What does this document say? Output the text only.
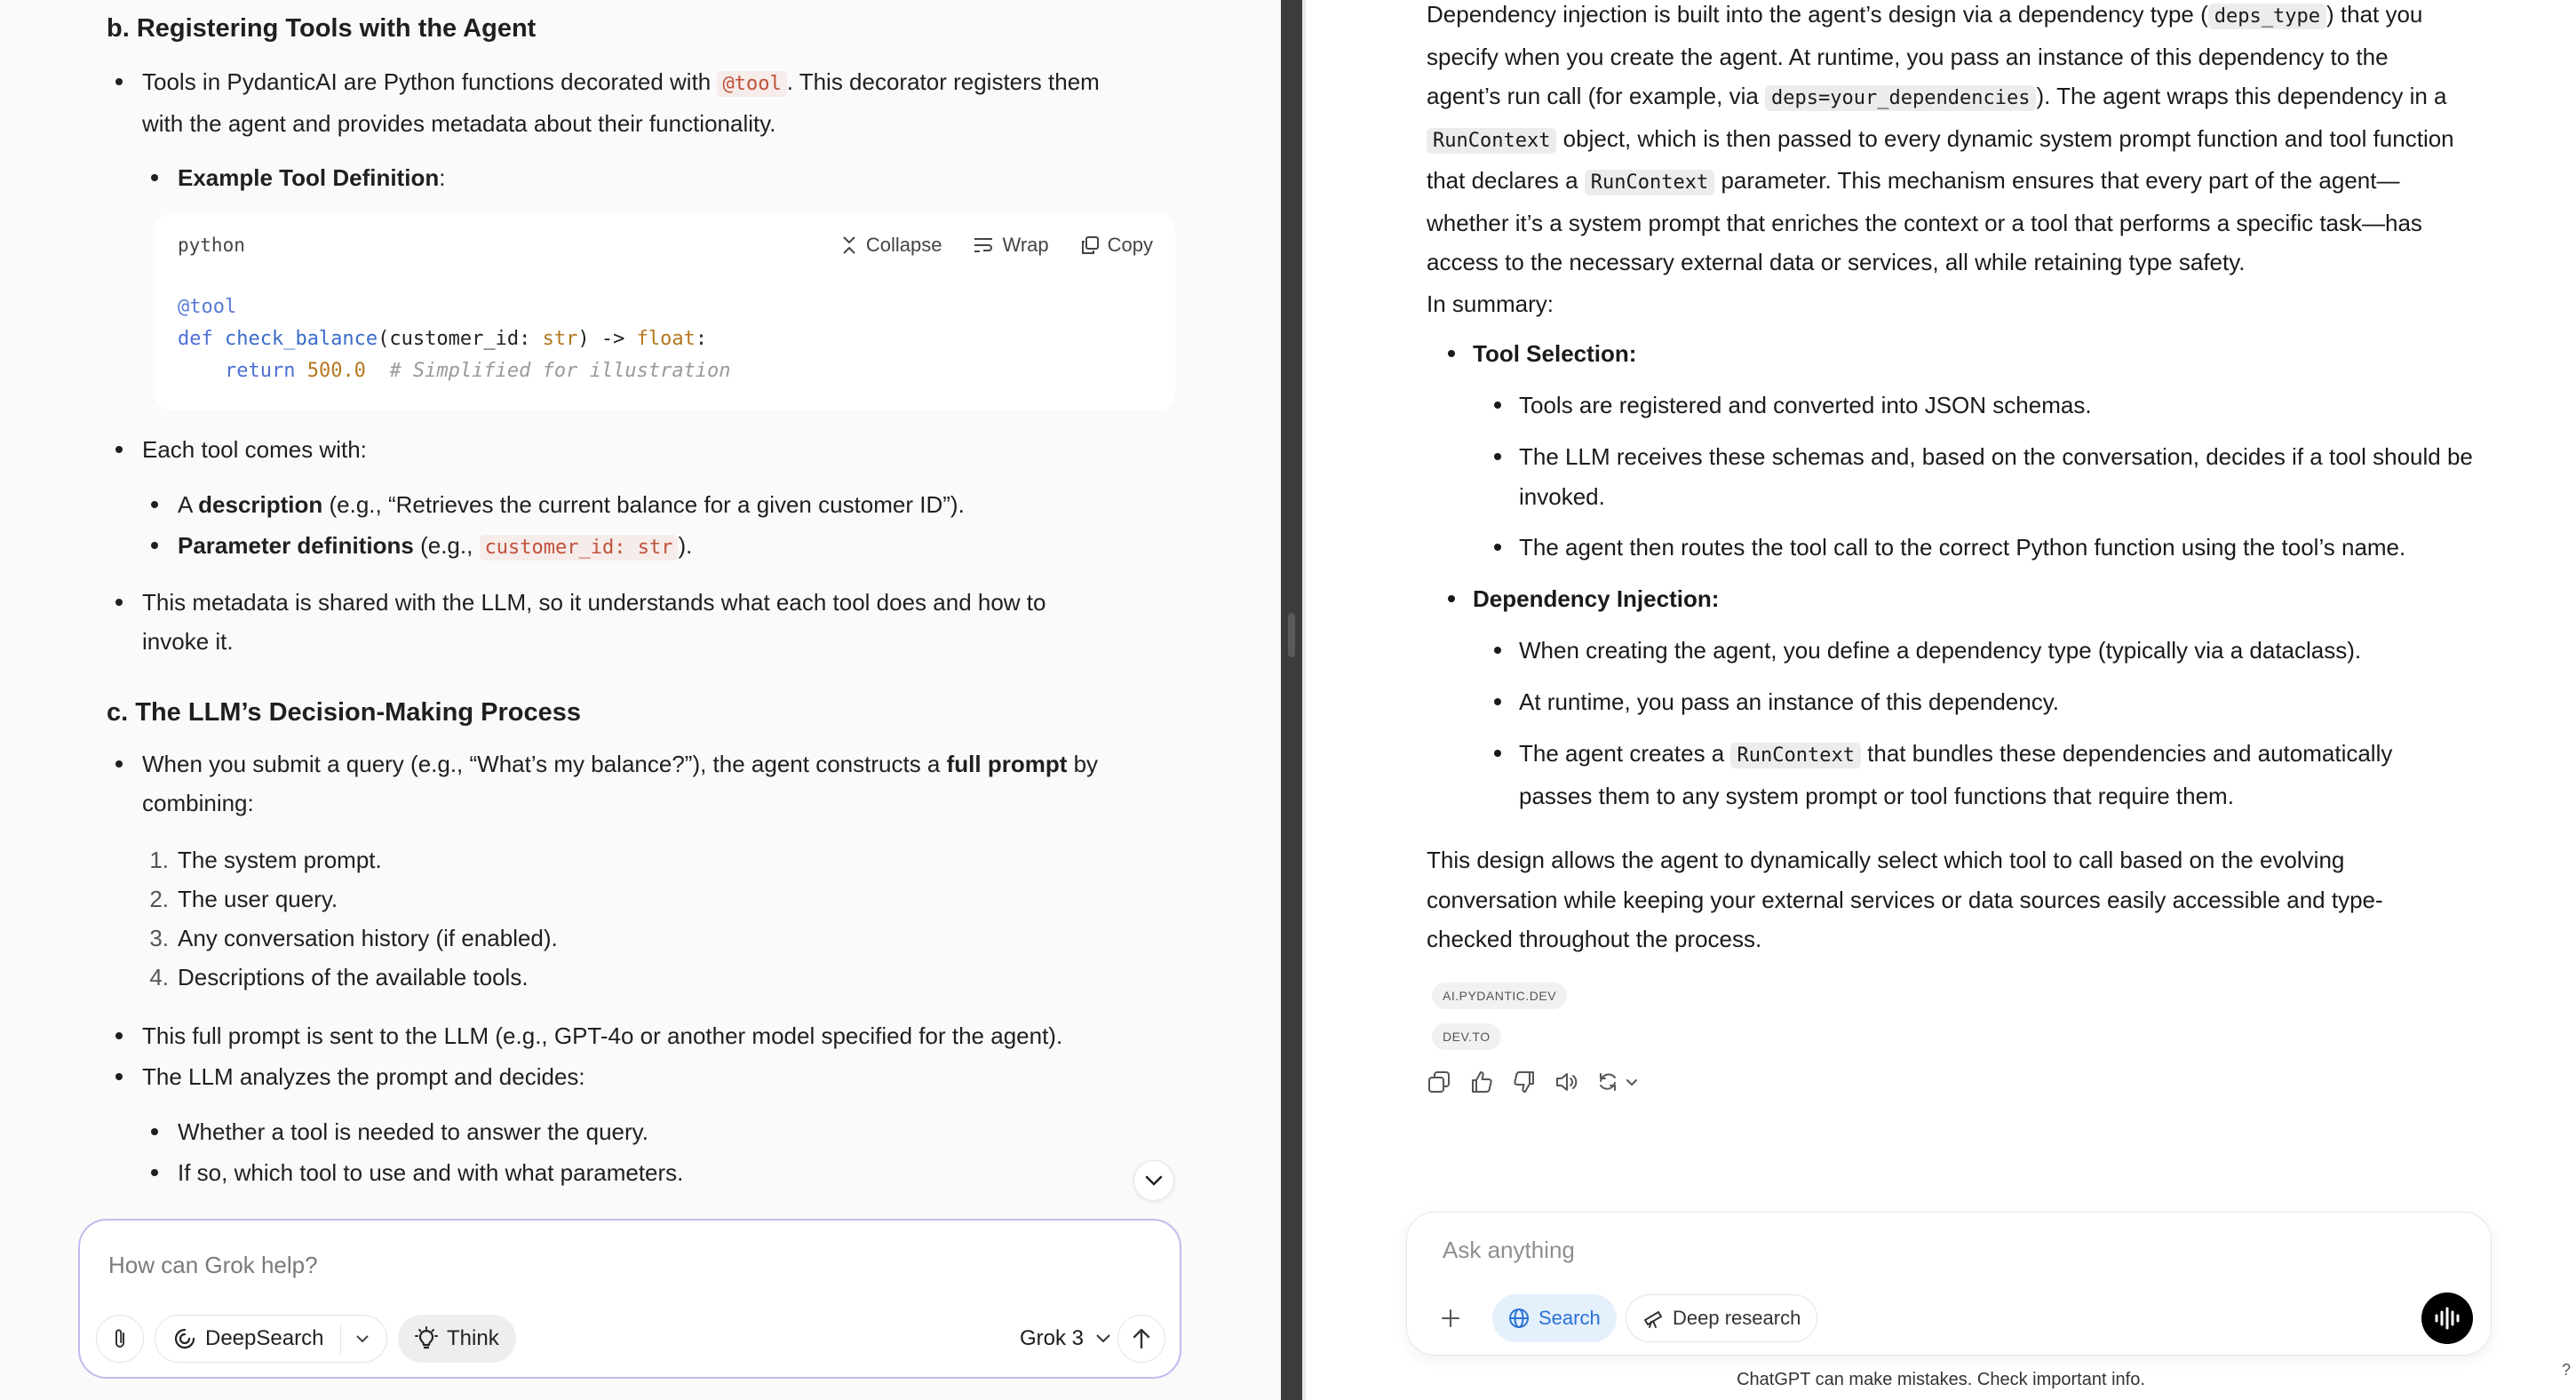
b. Registering Tools with the Agent
Tools in PydanticAI are Python functions decorated with @tool . This decorator registers them
with the agent and provides metadata about their functionality.
Example Tool Definition:
python	Collapse	Wrap	Copy
@tool
def check_balance(customer_id: str) -> float:
return 500.0 # Simplified for illustration
Each tool comes with:
A description (e.g., “Retrieves the current balance for a given customer ID”).
Parameter definitions (e.g., customer_id: str ).
This metadata is shared with the LLM, so it understands what each tool does and how to
invoke it.
c. The LLM’s Decision-Making Process
When you submit a query (e.g., “What’s my balance?”), the agent constructs a full prompt by
combining:
1. The system prompt.
2. The user query.
3. Any conversation history (if enabled).
4. Descriptions of the available tools.
This full prompt is sent to the LLM (e.g., GPT-4o or another model specified for the agent).
The LLM analyzes the prompt and decides:
Whether a tool is needed to answer the query.
If so, which tool to use and with what parameters.
How can Grok help?
DeepSearch	Think	Grok 3
Dependency injection is built into the agent’s design via a dependency type ( deps_type ) that you
specify when you create the agent. At runtime, you pass an instance of this dependency to the
agent’s run call (for example, via deps=your_dependencies ). The agent wraps this dependency in a
RunContext object, which is then passed to every dynamic system prompt function and tool function
that declares a RunContext parameter. This mechanism ensures that every part of the agent—
whether it’s a system prompt that enriches the context or a tool that performs a specific task—has
access to the necessary external data or services, all while retaining type safety.
In summary:
Tool Selection:
Tools are registered and converted into JSON schemas.
The LLM receives these schemas and, based on the conversation, decides if a tool should be
invoked.
The agent then routes the tool call to the correct Python function using the tool’s name.
Dependency Injection:
When creating the agent, you define a dependency type (typically via a dataclass).
At runtime, you pass an instance of this dependency.
The agent creates a RunContext that bundles these dependencies and automatically
passes them to any system prompt or tool functions that require them.
This design allows the agent to dynamically select which tool to call based on the evolving
conversation while keeping your external services or data sources easily accessible and type-
checked throughout the process.
AI.PYDANTIC.DEV
DEV.TO
Ask anything
Search	Deep research
ChatGPT can make mistakes. Check important info.	?
